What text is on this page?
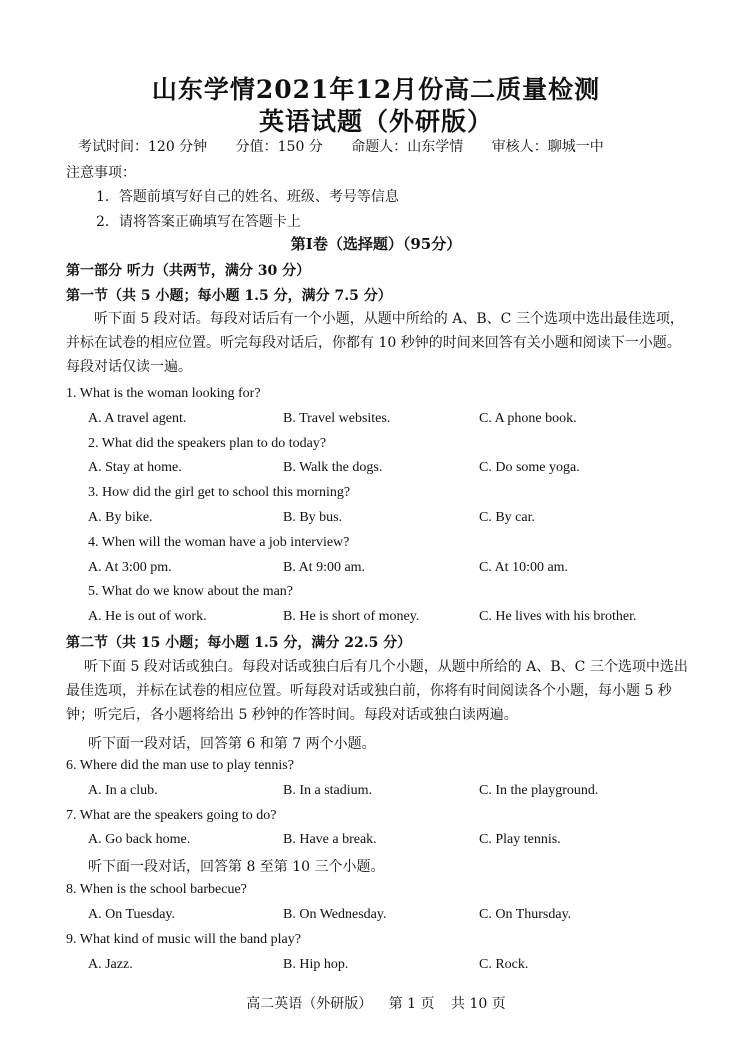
山东学情2021年12月份高二质量检测
英语试题（外研版）
考试时间：120 分钟 分值：150 分 命题人：山东学情 审核人：聊城一中
注意事项：
1．答题前填写好自己的姓名、班级、考号等信息
2．请将答案正确填写在答题卡上
第Ⅰ卷（选择题）（95分）
第一部分 听力（共两节，满分 30 分）
第一节（共 5 小题；每小题 1.5 分，满分 7.5 分）
听下面 5 段对话。每段对话后有一个小题，从题中所给的 A、B、C 三个选项中选出最佳选项，并标在试卷的相应位置。听完每段对话后，你都有 10 秒钟的时间来回答有关小题和阅读下一小题。每段对话仅读一遍。
1. What is the woman looking for?
A. A travel agent.	B. Travel websites.	C. A phone book.
2. What did the speakers plan to do today?
A. Stay at home.	B. Walk the dogs.	C. Do some yoga.
3. How did the girl get to school this morning?
A. By bike.	B. By bus.	C. By car.
4. When will the woman have a job interview?
A. At 3:00 pm.	B. At 9:00 am.	C. At 10:00 am.
5. What do we know about the man?
A. He is out of work.	B. He is short of money.	C. He lives with his brother.
第二节（共 15 小题；每小题 1.5 分，满分 22.5 分）
听下面 5 段对话或独白。每段对话或独白后有几个小题，从题中所给的 A、B、C 三个选项中选出最佳选项，并标在试卷的相应位置。听每段对话或独白前，你将有时间阅读各个小题，每小题 5 秒钟；听完后，各小题将给出 5 秒钟的作答时间。每段对话或独白读两遍。
听下面一段对话，回答第 6 和第 7 两个小题。
6. Where did the man use to play tennis?
A. In a club.	B. In a stadium.	C. In the playground.
7. What are the speakers going to do?
A. Go back home.	B. Have a break.	C. Play tennis.
听下面一段对话，回答第 8 至第 10 三个小题。
8. When is the school barbecue?
A. On Tuesday.	B. On Wednesday.	C. On Thursday.
9. What kind of music will the band play?
A. Jazz.	B. Hip hop.	C. Rock.
高二英语（外研版） 第 1 页 共 10 页
